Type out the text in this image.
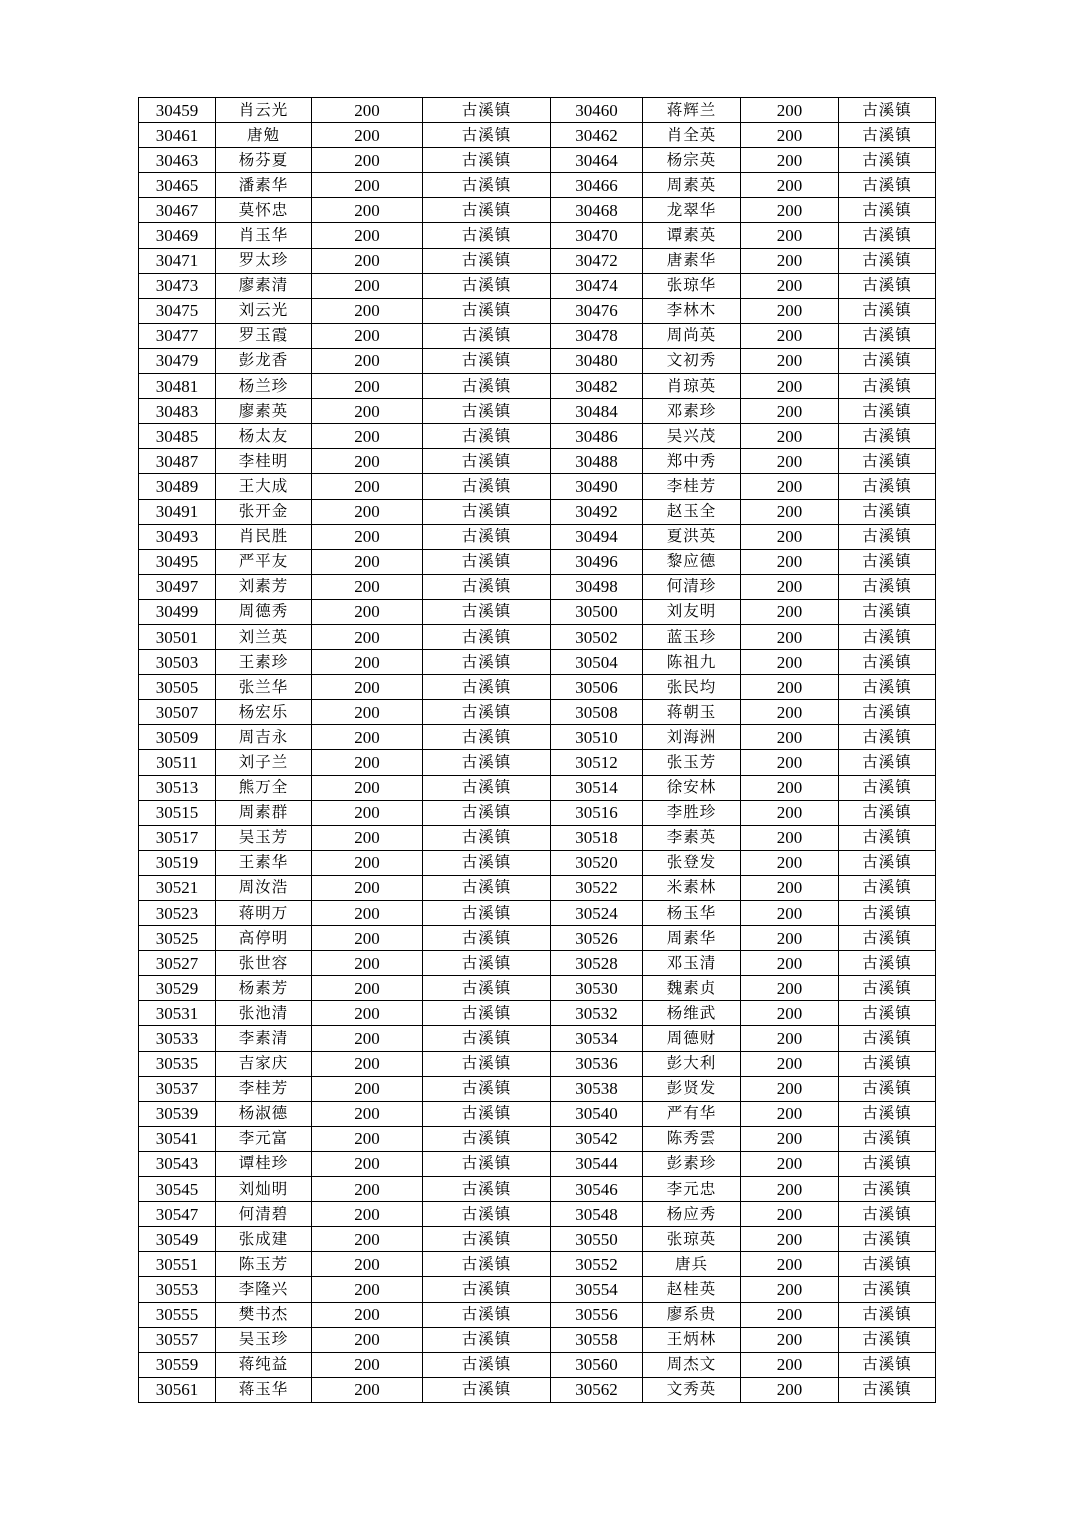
30459	肖云光	200	古溪镇	30460	蒋辉兰	200	古溪镇
30461	唐勉	200	古溪镇	30462	肖全英	200	古溪镇
30463	杨芬夏	200	古溪镇	30464	杨宗英	200	古溪镇
30465	潘素华	200	古溪镇	30466	周素英	200	古溪镇
30467	莫怀忠	200	古溪镇	30468	龙翠华	200	古溪镇
30469	肖玉华	200	古溪镇	30470	谭素英	200	古溪镇
30471	罗太珍	200	古溪镇	30472	唐素华	200	古溪镇
30473	廖素清	200	古溪镇	30474	张琼华	200	古溪镇
30475	刘云光	200	古溪镇	30476	李林木	200	古溪镇
30477	罗玉霞	200	古溪镇	30478	周尚英	200	古溪镇
30479	彭龙香	200	古溪镇	30480	文初秀	200	古溪镇
30481	杨兰珍	200	古溪镇	30482	肖琼英	200	古溪镇
30483	廖素英	200	古溪镇	30484	邓素珍	200	古溪镇
30485	杨太友	200	古溪镇	30486	吴兴茂	200	古溪镇
30487	李桂明	200	古溪镇	30488	郑中秀	200	古溪镇
30489	王大成	200	古溪镇	30490	李桂芳	200	古溪镇
30491	张开金	200	古溪镇	30492	赵玉全	200	古溪镇
30493	肖民胜	200	古溪镇	30494	夏洪英	200	古溪镇
30495	严平友	200	古溪镇	30496	黎应德	200	古溪镇
30497	刘素芳	200	古溪镇	30498	何清珍	200	古溪镇
30499	周德秀	200	古溪镇	30500	刘友明	200	古溪镇
30501	刘兰英	200	古溪镇	30502	蓝玉珍	200	古溪镇
30503	王素珍	200	古溪镇	30504	陈祖九	200	古溪镇
30505	张兰华	200	古溪镇	30506	张民均	200	古溪镇
30507	杨宏乐	200	古溪镇	30508	蒋朝玉	200	古溪镇
30509	周吉永	200	古溪镇	30510	刘海洲	200	古溪镇
30511	刘子兰	200	古溪镇	30512	张玉芳	200	古溪镇
30513	熊万全	200	古溪镇	30514	徐安林	200	古溪镇
30515	周素群	200	古溪镇	30516	李胜珍	200	古溪镇
30517	吴玉芳	200	古溪镇	30518	李素英	200	古溪镇
30519	王素华	200	古溪镇	30520	张登发	200	古溪镇
30521	周汝浩	200	古溪镇	30522	米素林	200	古溪镇
30523	蒋明万	200	古溪镇	30524	杨玉华	200	古溪镇
30525	高停明	200	古溪镇	30526	周素华	200	古溪镇
30527	张世容	200	古溪镇	30528	邓玉清	200	古溪镇
30529	杨素芳	200	古溪镇	30530	魏素贞	200	古溪镇
30531	张池清	200	古溪镇	30532	杨维武	200	古溪镇
30533	李素清	200	古溪镇	30534	周德财	200	古溪镇
30535	吉家庆	200	古溪镇	30536	彭大利	200	古溪镇
30537	李桂芳	200	古溪镇	30538	彭贤发	200	古溪镇
30539	杨淑德	200	古溪镇	30540	严有华	200	古溪镇
30541	李元富	200	古溪镇	30542	陈秀雲	200	古溪镇
30543	谭桂珍	200	古溪镇	30544	彭素珍	200	古溪镇
30545	刘灿明	200	古溪镇	30546	李元忠	200	古溪镇
30547	何清碧	200	古溪镇	30548	杨应秀	200	古溪镇
30549	张成建	200	古溪镇	30550	张琼英	200	古溪镇
30551	陈玉芳	200	古溪镇	30552	唐兵	200	古溪镇
30553	李隆兴	200	古溪镇	30554	赵桂英	200	古溪镇
30555	樊书杰	200	古溪镇	30556	廖系贵	200	古溪镇
30557	吴玉珍	200	古溪镇	30558	王炳林	200	古溪镇
30559	蒋纯益	200	古溪镇	30560	周杰文	200	古溪镇
30561	蒋玉华	200	古溪镇	30562	文秀英	200	古溪镇
